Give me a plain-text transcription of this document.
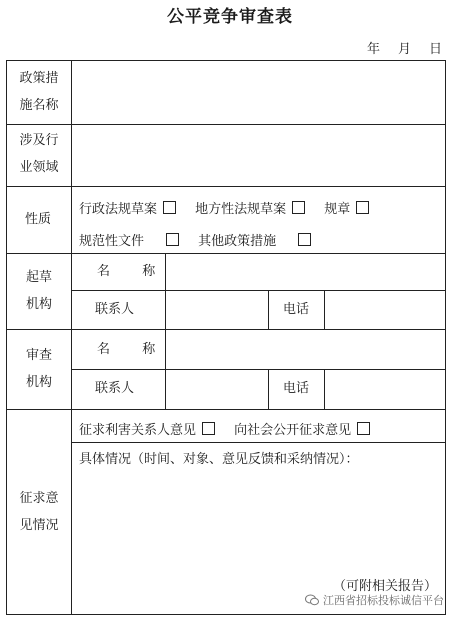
公平竞争审查表
年 月 日
政策措
施名称
涉及行
业领域
性质
行政法规草案	地方性法规草案	规章
规范性文件	其他政策措施
起草
机构
名  称
联系人	电话
审查
机构
名  称
联系人	电话
征求意
见情况
征求利害关系人意见	向社会公开征求意见
具体情况（时间、对象、意见反馈和采纳情况）：
（可附相关报告）
江西省招标投标诚信平台
